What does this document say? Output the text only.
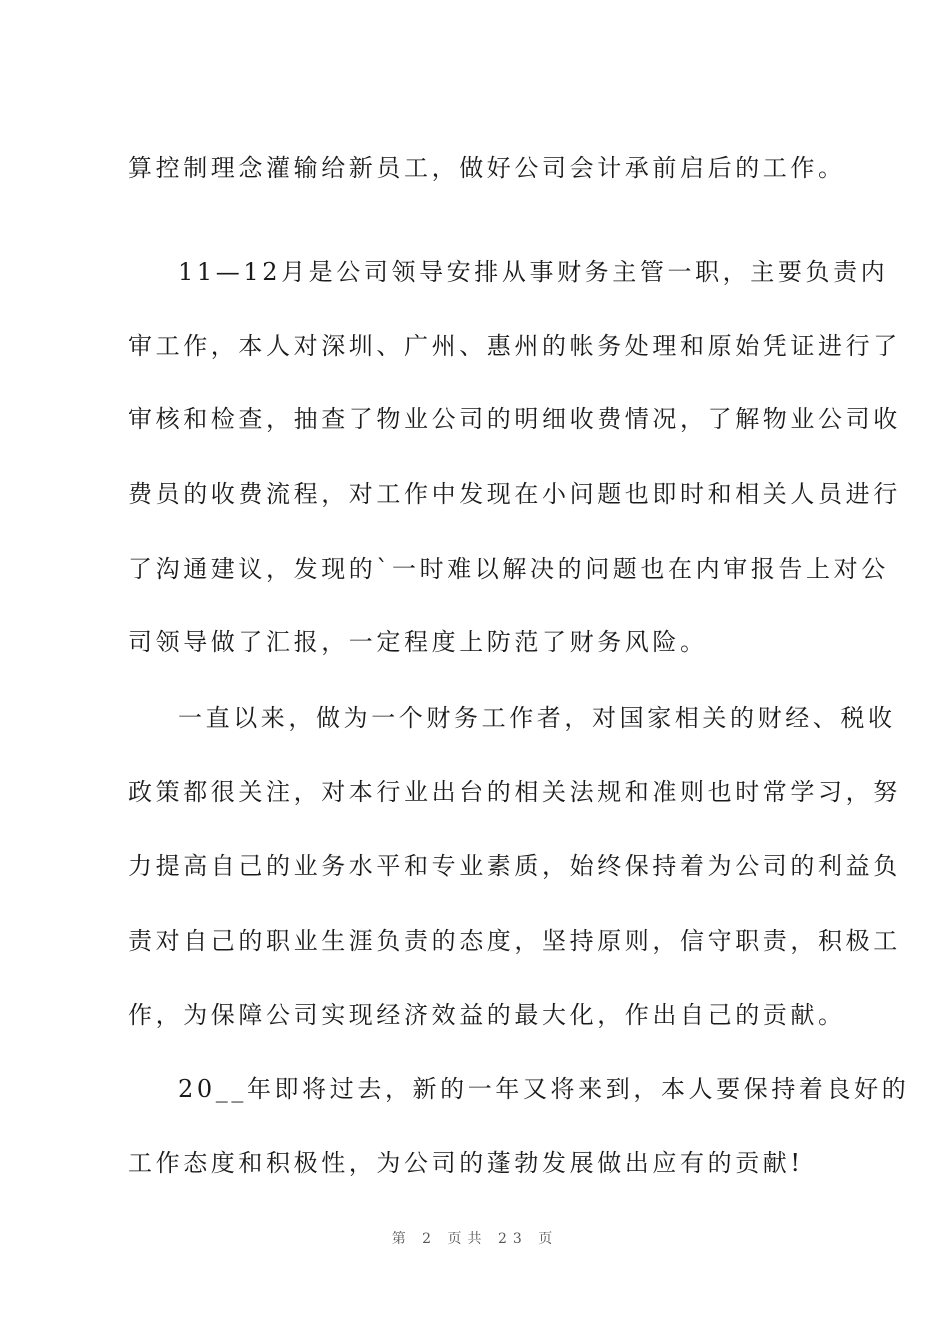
算控制理念灌输给新员工，做好公司会计承前启后的工作。
11—12月是公司领导安排从事财务主管一职，主要负责内
审工作，本人对深圳、广州、惠州的帐务处理和原始凭证进行了
审核和检查，抽查了物业公司的明细收费情况，了解物业公司收
费员的收费流程，对工作中发现在小问题也即时和相关人员进行
了沟通建议，发现的`一时难以解决的问题也在内审报告上对公
司领导做了汇报，一定程度上防范了财务风险。
一直以来，做为一个财务工作者，对国家相关的财经、税收
政策都很关注，对本行业出台的相关法规和准则也时常学习，努
力提高自己的业务水平和专业素质，始终保持着为公司的利益负
责对自己的职业生涯负责的态度，坚持原则，信守职责，积极工
作，为保障公司实现经济效益的最大化，作出自己的贡献。
20__年即将过去，新的一年又将来到，本人要保持着良好的
工作态度和积极性，为公司的蓬勃发展做出应有的贡献!
第 2 页共 23 页
